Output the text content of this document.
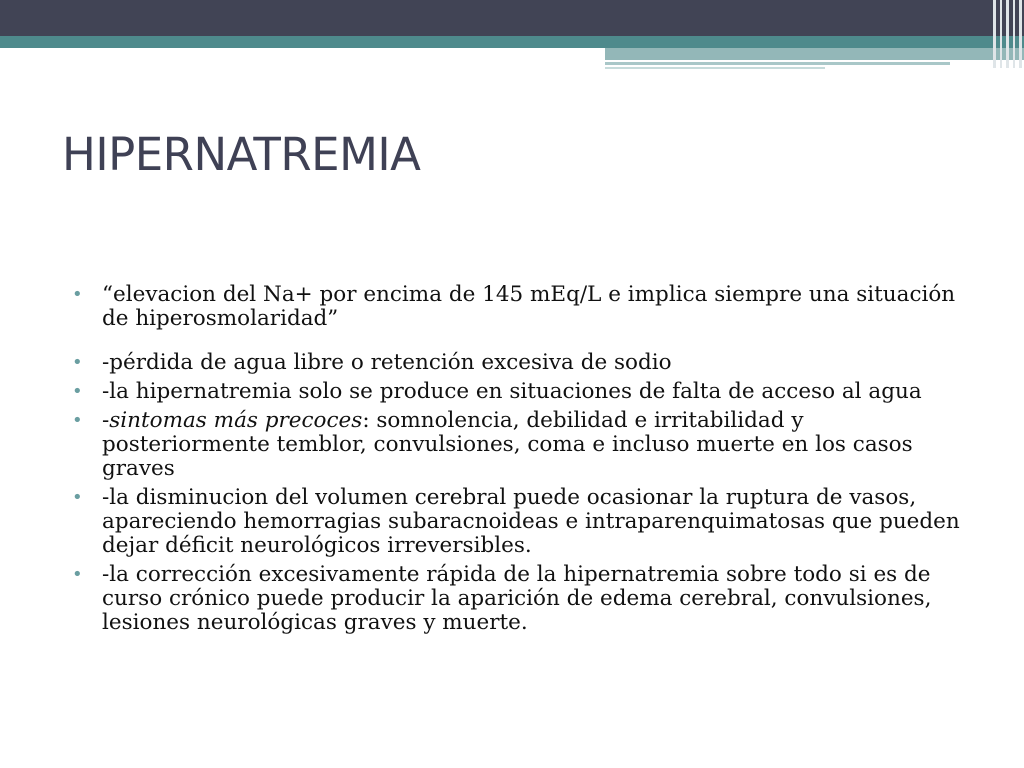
HIPERNATREMIA
• “elevacion del Na+ por encima de 145 mEq/L e implica siempre una situación de hiperosmolaridad”
• -pérdida de agua libre o retención excesiva de sodio
• -la hipernatremia solo se produce en situaciones de falta de acceso al agua
• -sintomas más precoces: somnolencia, debilidad e irritabilidad y posteriormente temblor, convulsiones, coma e incluso muerte en los casos graves
• -la disminucion del volumen cerebral puede ocasionar la ruptura de vasos, apareciendo hemorragias subaracnoideas e intraparenquimatosas que pueden dejar déficit neurológicos irreversibles.
• -la corrección excesivamente rápida de la hipernatremia sobre todo si es de curso crónico puede producir la aparición de edema cerebral, convulsiones, lesiones neurológicas graves y muerte.
